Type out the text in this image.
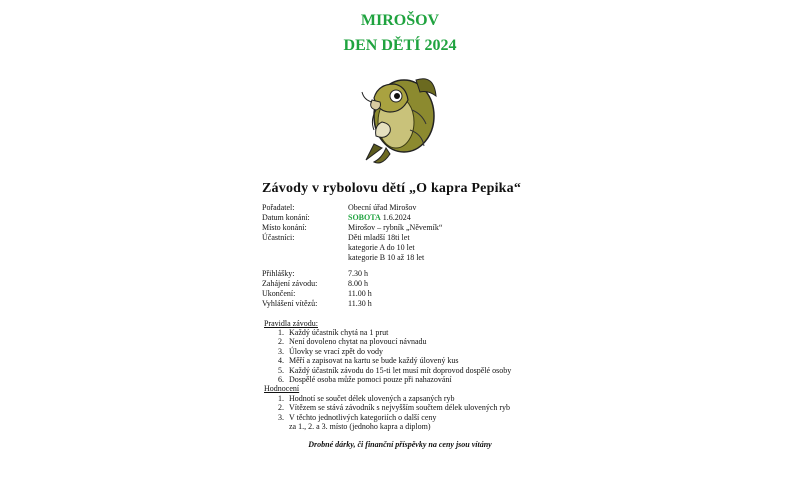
MIROŠOV
DEN DĚTÍ 2024
Závody v rybolovu dětí „O kapra Pepika“
Pořadatel:	Obecní úřad Mirošov
Datum konání:	SOBOTA 1.6.2024
Místo konání:	Mirošov – rybník „Něvemík“
Účastníci:	Děti mladší 18ti let
kategorie A do 10 let
kategorie B 10 až 18 let
Přihlášky:	7.30 h
Zahájení závodu:	8.00 h
Ukončení:	11.00 h
Vyhlášení vítězů:	11.30 h
Pravidla závodu:
1. Každý účastník chytá na 1 prut
2. Není dovoleno chytat na plovoucí návnadu
3. Úlovky se vrací zpět do vody
4. Měří a zapisovat na kartu se bude každý úlovený kus
5. Každý účastník závodu do 15-ti let musí mít doprovod dospělé osoby
6. Dospělé osoba může pomoci pouze při nahazování
Hodnocení
1. Hodnotí se součet délek ulovených a zapsaných ryb
2. Vítězem se stává závodník s nejvyšším součtem délek ulovených ryb
3. V těchto jednotlivých kategoriích o další ceny
za 1., 2. a 3. místo (jednoho kapra a diplom)
Drobné dárky, či finanční příspěvky na ceny jsou vítány
